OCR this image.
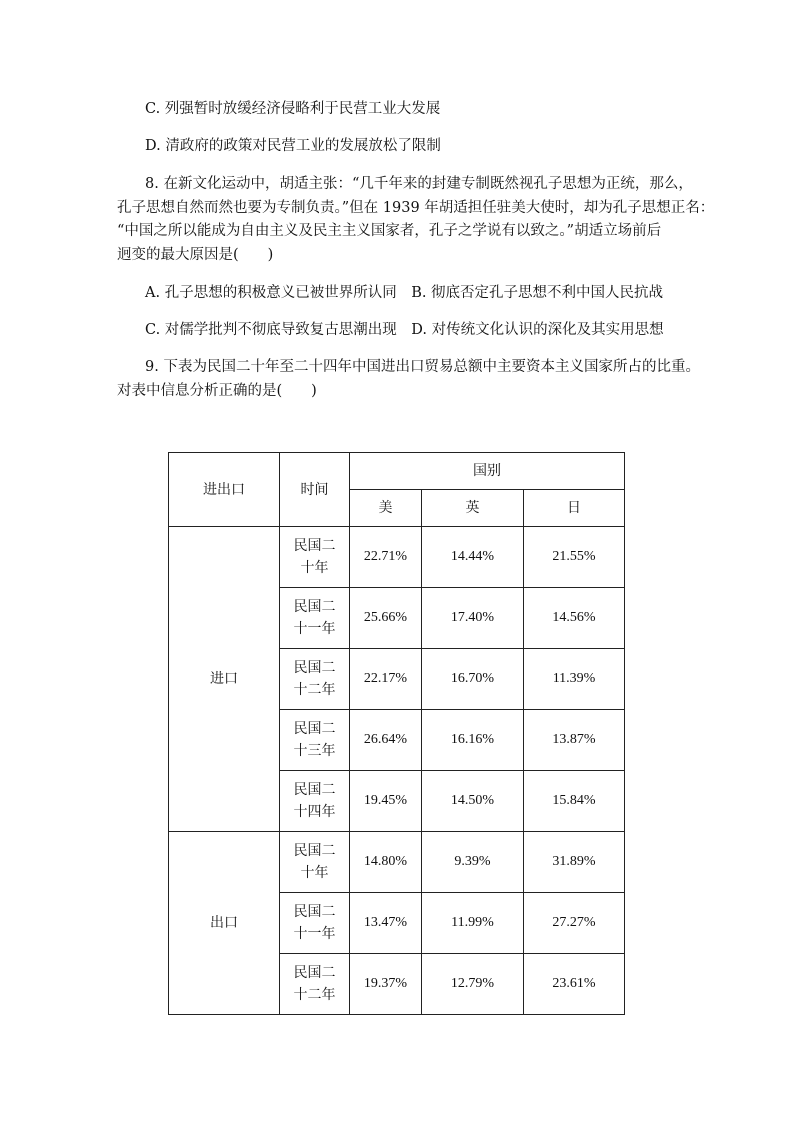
C. 列强暂时放缓经济侵略利于民营工业大发展
D. 清政府的政策对民营工业的发展放松了限制
8. 在新文化运动中，胡适主张：“几千年来的封建专制既然视孔子思想为正统，那么，
孔子思想自然而然也要为专制负责。”但在 1939 年胡适担任驻美大使时，却为孔子思想正名：
“中国之所以能成为自由主义及民主主义国家者，孔子之学说有以致之。”胡适立场前后
迥变的最大原因是(　　)
A. 孔子思想的积极意义已被世界所认同　B. 彻底否定孔子思想不利中国人民抗战
C. 对儒学批判不彻底导致复古思潮出现　D. 对传统文化认识的深化及其实用思想
9. 下表为民国二十年至二十四年中国进出口贸易总额中主要资本主义国家所占的比重。
对表中信息分析正确的是(　　)
进出口	时间	国别		
		美	英	日
进口	民国二
十年	22.71%	14.44%	21.55%

	民国二
十一年	25.66%	17.40%	14.56%

	民国二
十二年	22.17%	16.70%	11.39%

	民国二
十三年	26.64%	16.16%	13.87%

	民国二
十四年	19.45%	14.50%	15.84%
出口	民国二
十年	14.80%	9.39%	31.89%

	民国二
十一年	13.47%	11.99%	27.27%

	民国二
十二年	19.37%	12.79%	23.61%
